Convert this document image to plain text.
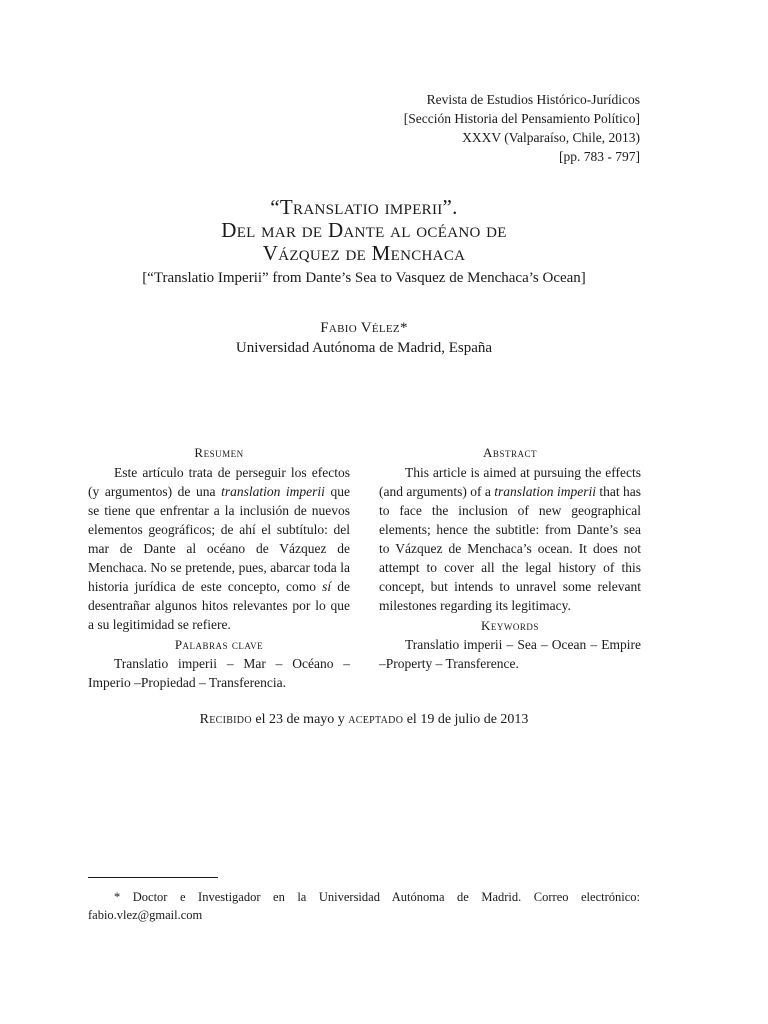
Revista de Estudios Histórico-Jurídicos
[Sección Historia del Pensamiento Político]
XXXV (Valparaíso, Chile, 2013)
[pp. 783 - 797]
“Translatio imperii”.
Del mar de Dante al océano de
Vázquez de Menchaca
[“Translatio Imperii” from Dante’s Sea to Vasquez de Menchaca’s Ocean]
Fabio Vélez*
Universidad Autónoma de Madrid, España
Resumen

Este artículo trata de perseguir los efectos (y argumentos) de una translation imperii que se tiene que enfrentar a la inclusión de nuevos elementos geográficos; de ahí el subtítulo: del mar de Dante al océano de Vázquez de Menchaca. No se pretende, pues, abarcar toda la historia jurídica de este concepto, como sí de desentrañar algunos hitos relevantes por lo que a su legitimidad se refiere.

Palabras clave

Translatio imperii – Mar – Océano – Imperio –Propiedad – Transferencia.

Abstract

This article is aimed at pursuing the effects (and arguments) of a translation imperii that has to face the inclusion of new geographical elements; hence the subtitle: from Dante’s sea to Vázquez de Menchaca’s ocean. It does not attempt to cover all the legal history of this concept, but intends to unravel some relevant milestones regarding its legitimacy.

Keywords

Translatio imperii – Sea – Ocean – Empire –Property – Transference.

Recibido el 23 de mayo y aceptado el 19 de julio de 2013

* Doctor e Investigador en la Universidad Autónoma de Madrid. Correo electrónico: fabio.vlez@gmail.com
